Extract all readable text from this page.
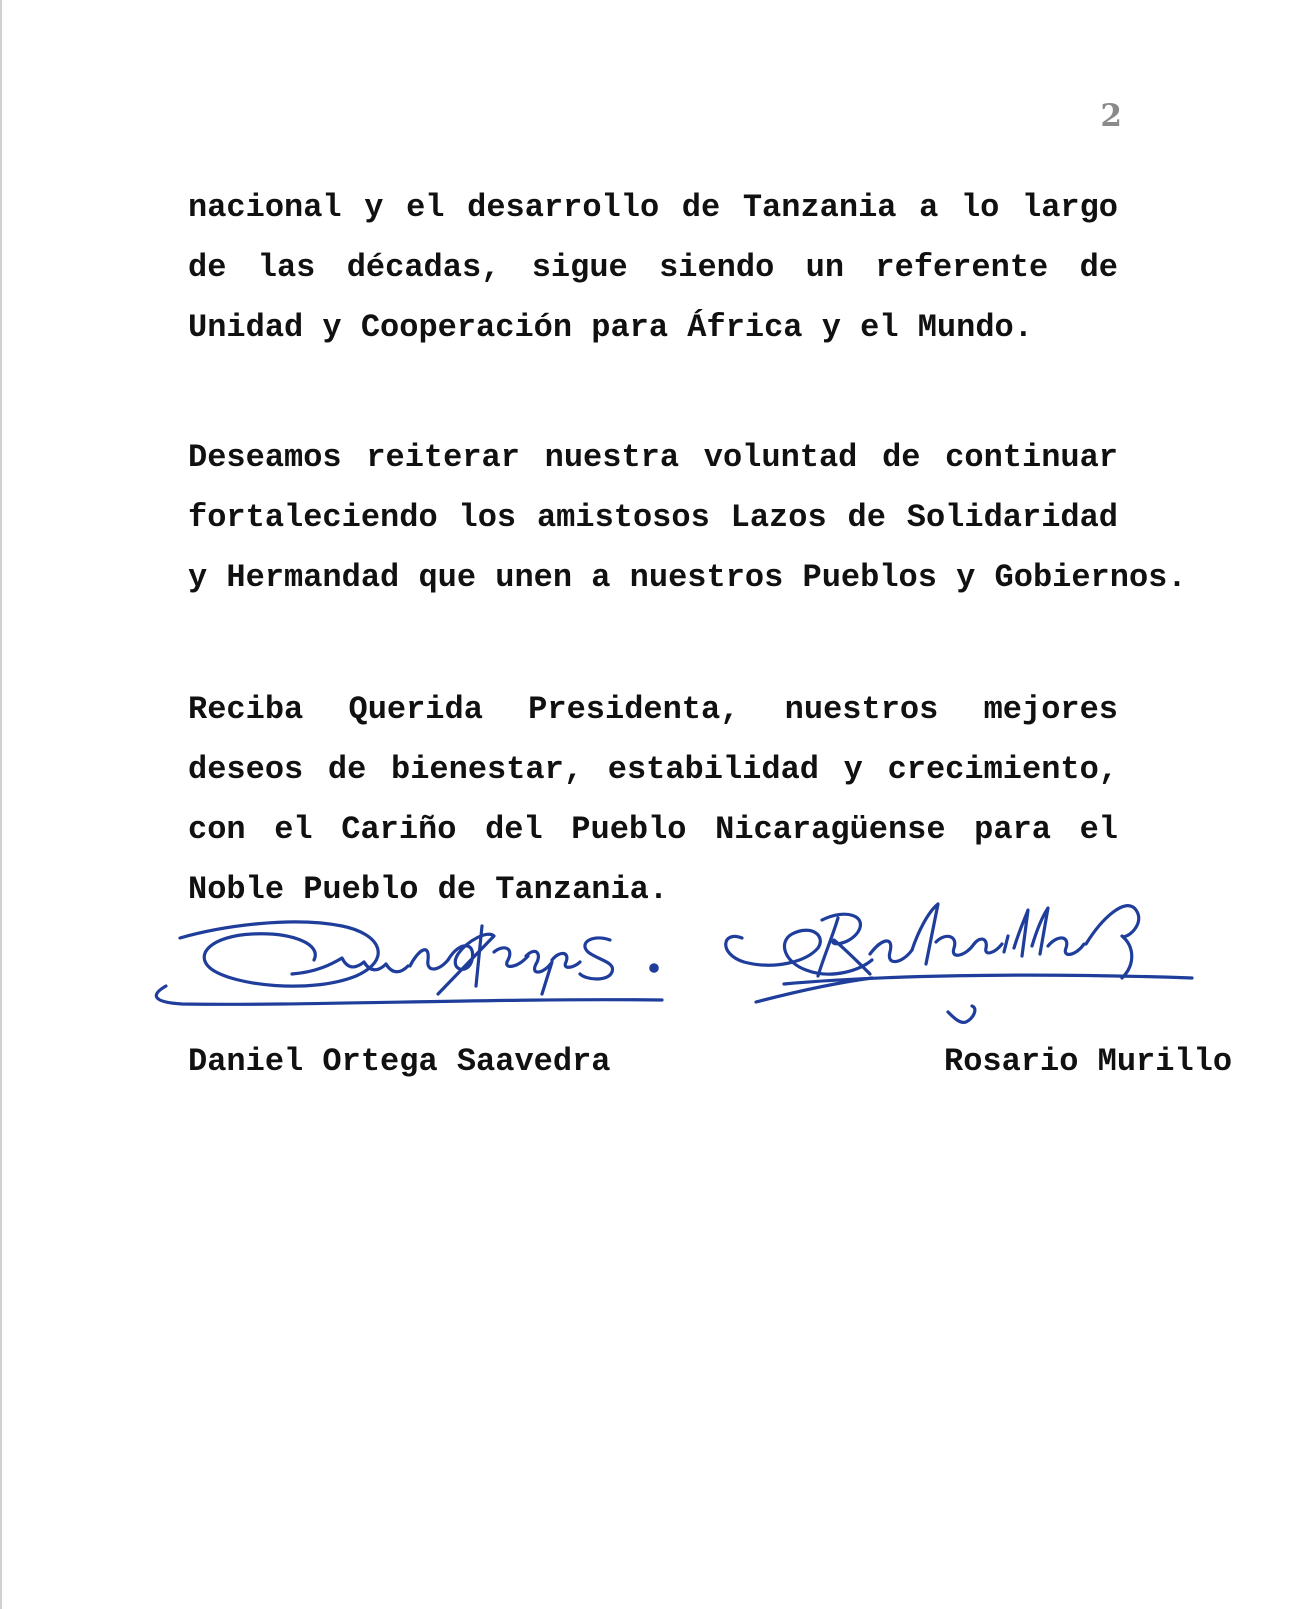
2
nacional y el desarrollo de Tanzania a lo largo
de las décadas, sigue siendo un referente de
Unidad y Cooperación para África y el Mundo.
Deseamos reiterar nuestra voluntad de continuar
fortaleciendo los amistosos Lazos de Solidaridad
y Hermandad que unen a nuestros Pueblos y Gobiernos.
Reciba Querida Presidenta, nuestros mejores
deseos de bienestar, estabilidad y crecimiento,
con el Cariño del Pueblo Nicaragüense para el
Noble Pueblo de Tanzania.
Daniel Ortega Saavedra	Rosario Murillo
